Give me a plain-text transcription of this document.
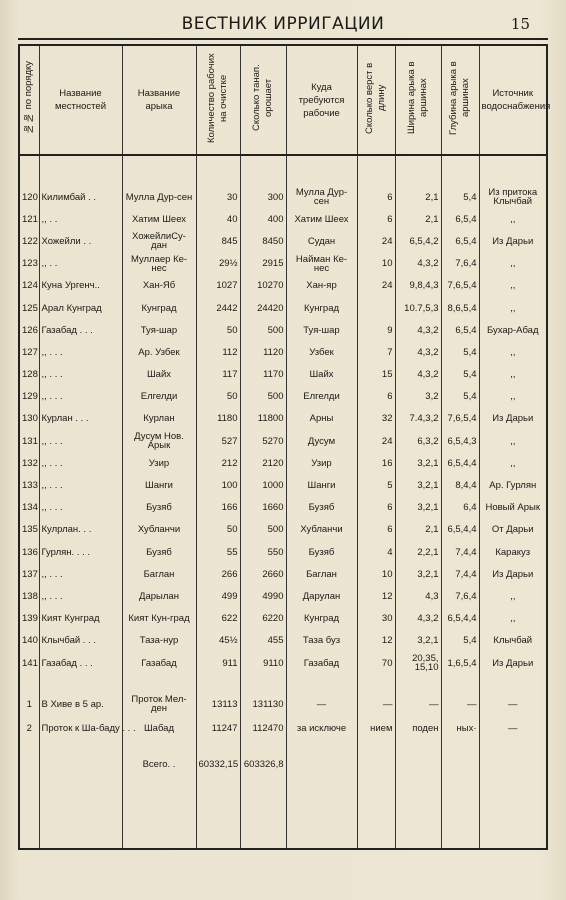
ВЕСТНИК ИРРИГАЦИИ	15
№№ по порядку	Название местностей	Название арыка	Количество рабочих на очистке	Сколько танап. орошает	Куда требуются рабочие	Сколько верст в длину	Ширина арыка в аршинах	Глубина арыка в аршинах	Источник водоснабжения

120	Килимбай . .	Мулла Дур-сен	30	300	Мулла Дур-сен	6	2,1	5,4	Из притока Клычбай
121	,, . .	Хатим Шеех	40	400	Хатим Шеех	6	2,1	6,5,4	,,
122	Хожейли . .	ХожейлиСу-дан	845	8450	Судан	24	6,5,4,2	6,5,4	Из Дарьи
123	,, . .	Муллаер Ке-нес	29½	2915	Найман Ке-нес	10	4,3,2	7,6,4	,,
124	Куна Ургенч..	Хан-Яб	1027	10270	Хан-яр	24	9,8,4,3	7,6,5,4	,,
125	Арал Кунград	Кунград	2442	24420	Кунград		10.7,5,3	8,6,5,4	,,
126	Газабад . . .	Туя-шар	50	500	Туя-шар	9	4,3,2	6,5,4	Бухар-Абад
127	,, . . .	Ар. Узбек	112	1120	Узбек	7	4,3,2	5,4	,,
128	,, . . .	Шайх	117	1170	Шайх	15	4,3,2	5,4	,,
129	,, . . .	Елгелди	50	500	Елгелди	6	3,2	5,4	,,
130	Курлан . . .	Курлан	1180	11800	Арны	32	7.4,3,2	7,6,5,4	Из Дарьи
131	,, . . .	Дусум Нов. Арык	527	5270	Дусум	24	6,3,2	6,5,4,3	,,
132	,, . . .	Узир	212	2120	Узир	16	3,2,1	6,5,4,4	,,
133	,, . . .	Шанги	100	1000	Шанги	5	3,2,1	8,4,4	Ар. Гурлян
134	,, . . .	Бузяб	166	1660	Бузяб	6	3,2,1	6,4	Новый Арык
135	Кулрлан. . .	Хубланчи	50	500	Хубланчи	6	2,1	6,5,4,4	От Дарьи
136	Гурлян. . . .	Бузяб	55	550	Бузяб	4	2,2,1	7,4,4	Каракуз
137	,, . . .	Баглан	266	2660	Баглан	10	3,2,1	7,4,4	Из Дарьи
138	,, . . .	Дарылан	499	4990	Дарулан	12	4,3	7,6,4	,,
139	Кият Кунград	Кият Кун-град	622	6220	Кунград	30	4,3,2	6,5,4,4	,,
140	Клычбай . . .	Таза-нур	45½	455	Таза буз	12	3,2,1	5,4	Клычбай
141	Газабад . . .	Газабад	911	9110	Газабад	70	20,35, 15,10	1,6,5,4	Из Дарьи

1	В Хиве в 5 ар.	Проток Мел-ден	13113	131130	—	—	—	—	—
2	Проток к Ша-баду . . .	Шабад	11247	112470	за исключе	нием	поден	ных·	—
		Всего. .	60332,15	603326,8					
